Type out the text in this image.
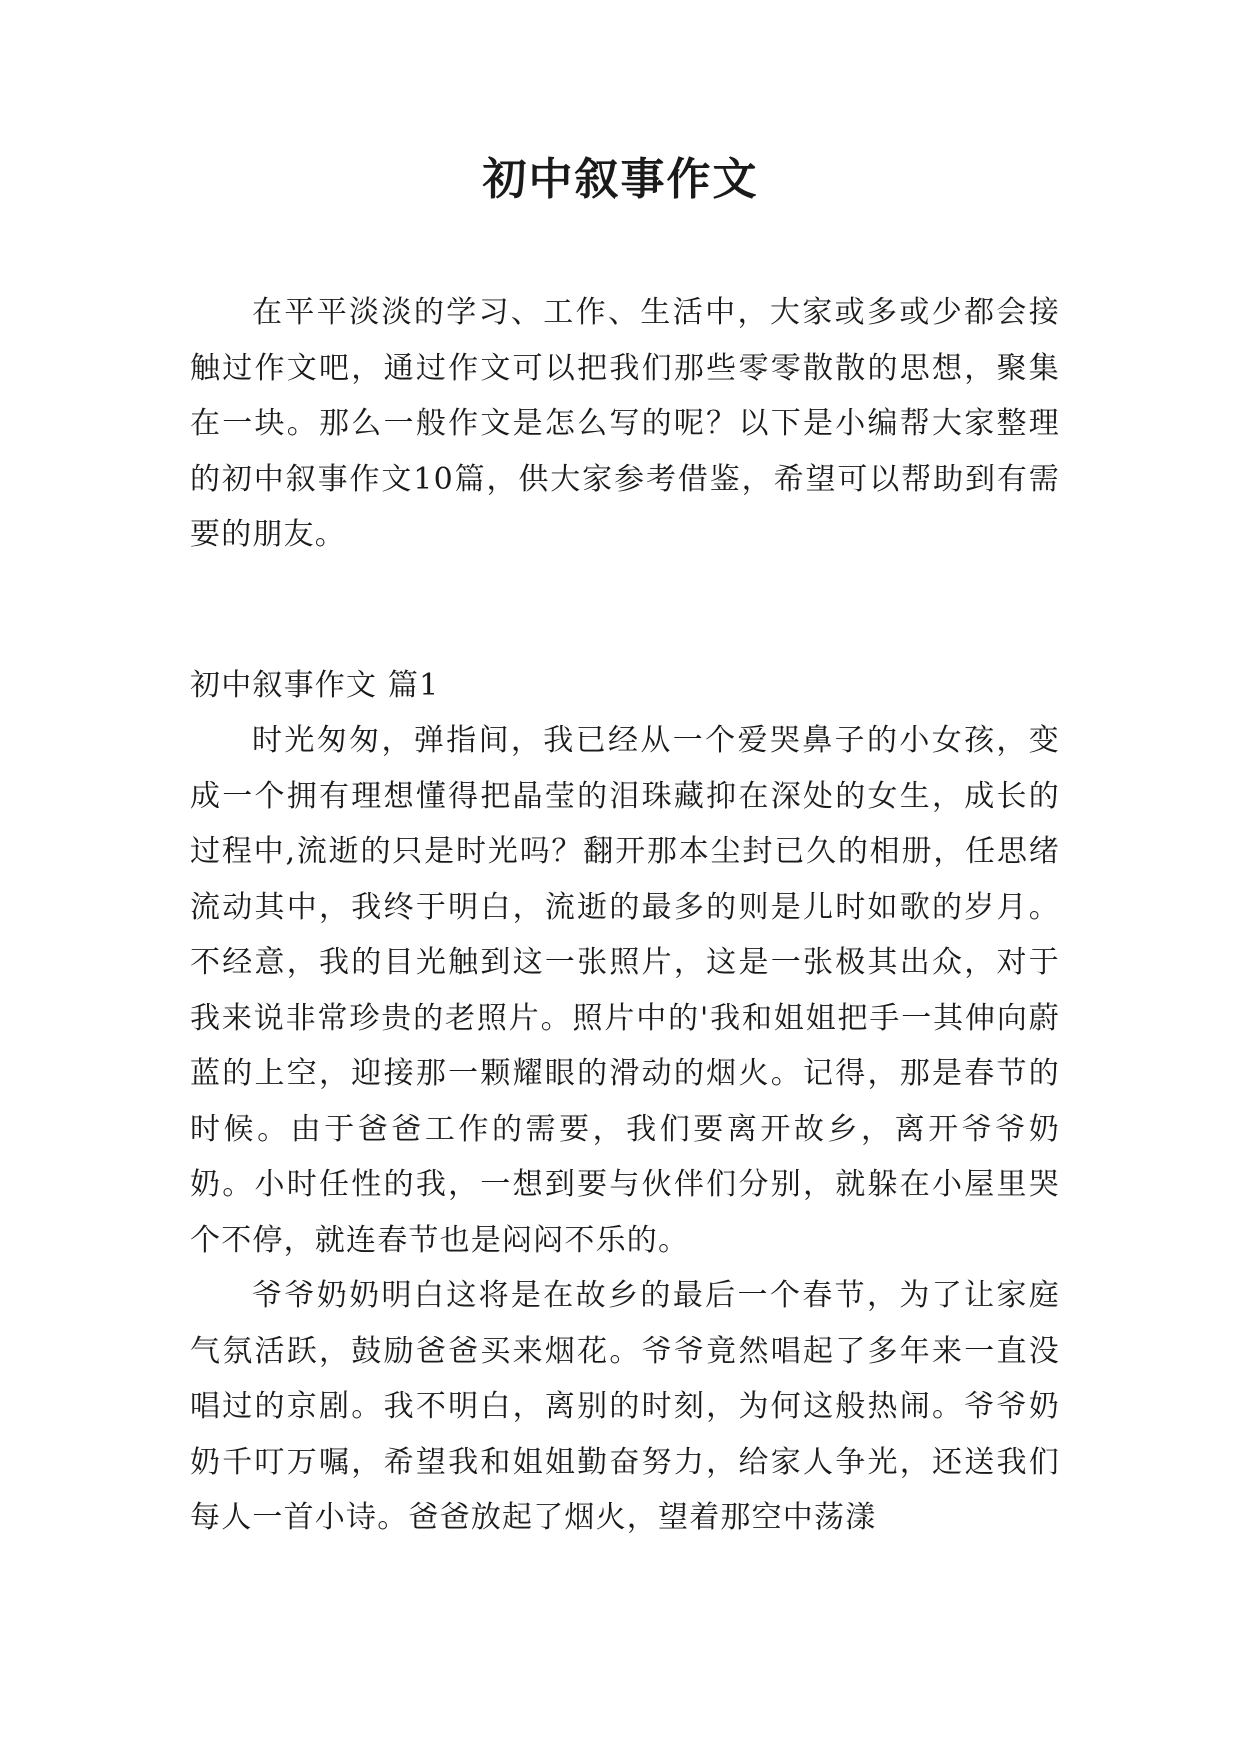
初中叙事作文

在平平淡淡的学习、工作、生活中，大家或多或少都会接触过作文吧，通过作文可以把我们那些零零散散的思想，聚集在一块。那么一般作文是怎么写的呢？以下是小编帮大家整理的初中叙事作文10篇，供大家参考借鉴，希望可以帮助到有需要的朋友。

初中叙事作文 篇1

时光匆匆，弹指间，我已经从一个爱哭鼻子的小女孩，变成一个拥有理想懂得把晶莹的泪珠藏抑在深处的女生，成长的过程中,流逝的只是时光吗？翻开那本尘封已久的相册，任思绪流动其中，我终于明白，流逝的最多的则是儿时如歌的岁月。不经意，我的目光触到这一张照片，这是一张极其出众，对于我来说非常珍贵的老照片。照片中的'我和姐姐把手一其伸向蔚蓝的上空，迎接那一颗耀眼的滑动的烟火。记得，那是春节的时候。由于爸爸工作的需要，我们要离开故乡，离开爷爷奶奶。小时任性的我，一想到要与伙伴们分别，就躲在小屋里哭个不停，就连春节也是闷闷不乐的。

爷爷奶奶明白这将是在故乡的最后一个春节，为了让家庭气氛活跃，鼓励爸爸买来烟花。爷爷竟然唱起了多年来一直没唱过的京剧。我不明白，离别的时刻，为何这般热闹。爷爷奶奶千叮万嘱，希望我和姐姐勤奋努力，给家人争光，还送我们每人一首小诗。爸爸放起了烟火，望着那空中荡漾
